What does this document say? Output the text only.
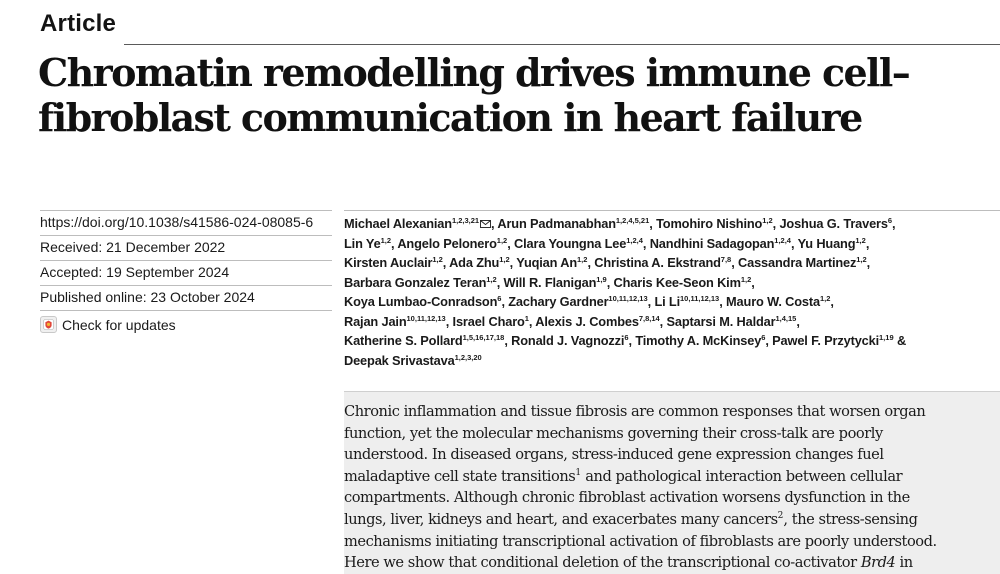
Article
Chromatin remodelling drives immune cell–
fibroblast communication in heart failure
https://doi.org/10.1038/s41586-024-08085-6
Received: 21 December 2022
Accepted: 19 September 2024
Published online: 23 October 2024
Check for updates
Michael Alexanian$^{1,2,3,21}$ , Arun Padmanabhan$^{1,2,4,5,21}$, Tomohiro Nishino$^{1,2}$, Joshua G. Travers$^6$,
Lin Ye$^{1,2}$, Angelo Pelonero$^{1,2}$, Clara Youngna Lee$^{1,2,4}$, Nandhini Sadagopan$^{1,2,4}$, Yu Huang$^{1,2}$,
Kirsten Auclair$^{1,2}$, Ada Zhu$^{1,2}$, Yuqian An$^{1,2}$, Christina A. Ekstrand$^{7,8}$, Cassandra Martinez$^{1,2}$,
Barbara Gonzalez Teran$^{1,2}$, Will R. Flanigan$^{1,9}$, Charis Kee-Seon Kim$^{1,2}$,
Koya Lumbao-Conradson$^6$, Zachary Gardner$^{10,11,12,13}$, Li Li$^{10,11,12,13}$, Mauro W. Costa$^{1,2}$,
Rajan Jain$^{10,11,12,13}$, Israel Charo$^1$, Alexis J. Combes$^{7,8,14}$, Saptarsi M. Haldar$^{1,4,15}$,
Katherine S. Pollard$^{1,5,16,17,18}$, Ronald J. Vagnozzi$^6$, Timothy A. McKinsey$^6$, Pawel F. Przytycki$^{1,19}$ &
Deepak Srivastava$^{1,2,3,20}$
Chronic inflammation and tissue fibrosis are common responses that worsen organ
function, yet the molecular mechanisms governing their cross-talk are poorly
understood. In diseased organs, stress-induced gene expression changes fuel
maladaptive cell state transitions$^1$ and pathological interaction between cellular
compartments. Although chronic fibroblast activation worsens dysfunction in the
lungs, liver, kidneys and heart, and exacerbates many cancers$^2$, the stress-sensing
mechanisms initiating transcriptional activation of fibroblasts are poorly understood.
Here we show that conditional deletion of the transcriptional co-activator Brd4 in
